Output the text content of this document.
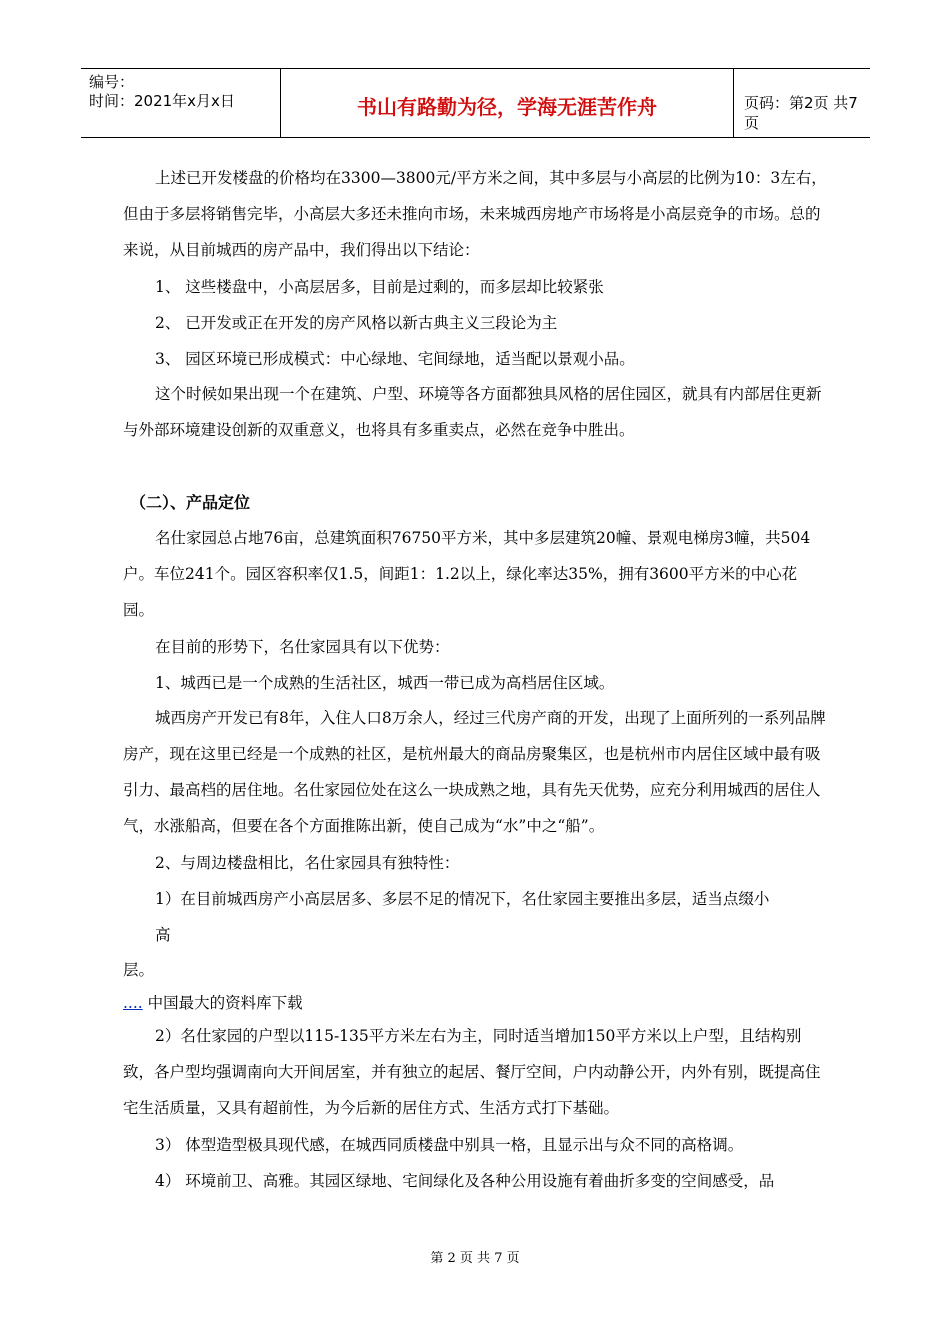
编号：
时间：2021年x月x日	书山有路勤为径，学海无涯苦作舟	页码：第2页 共7页

上述已开发楼盘的价格均在3300—3800元/平方米之间，其中多层与小高层的比例为10：3左右，但由于多层将销售完毕，小高层大多还未推向市场，未来城西房地产市场将是小高层竞争的市场。总的来说，从目前城西的房产品中，我们得出以下结论：

1、 这些楼盘中，小高层居多，目前是过剩的，而多层却比较紧张
2、 已开发或正在开发的房产风格以新古典主义三段论为主
3、 园区环境已形成模式：中心绿地、宅间绿地，适当配以景观小品。

这个时候如果出现一个在建筑、户型、环境等各方面都独具风格的居住园区，就具有内部居住更新与外部环境建设创新的双重意义，也将具有多重卖点，必然在竞争中胜出。

（二）、产品定位

名仕家园总占地76亩，总建筑面积76750平方米，其中多层建筑20幢、景观电梯房3幢，共504户。车位241个。园区容积率仅1.5，间距1：1.2以上，绿化率达35%，拥有3600平方米的中心花园。

在目前的形势下，名仕家园具有以下优势：
1、城西已是一个成熟的生活社区，城西一带已成为高档居住区域。

城西房产开发已有8年，入住人口8万余人，经过三代房产商的开发，出现了上面所列的一系列品牌房产，现在这里已经是一个成熟的社区，是杭州最大的商品房聚集区，也是杭州市内居住区域中最有吸引力、最高档的居住地。名仕家园位处在这么一块成熟之地，具有先天优势，应充分利用城西的居住人气，水涨船高，但要在各个方面推陈出新，使自己成为“水”中之“船”。

2、与周边楼盘相比，名仕家园具有独特性：
1）在目前城西房产小高层居多、多层不足的情况下，名仕家园主要推出多层，适当点缀小
高
层。
.... 中国最大的资料库下载

2）名仕家园的户型以115-135平方米左右为主，同时适当增加150平方米以上户型，且结构别致，各户型均强调南向大开间居室，并有独立的起居、餐厅空间，户内动静公开，内外有别，既提高住宅生活质量，又具有超前性，为今后新的居住方式、生活方式打下基础。

3） 体型造型极具现代感，在城西同质楼盘中别具一格，且显示出与众不同的高格调。
4） 环境前卫、高雅。其园区绿地、宅间绿化及各种公用设施有着曲折多变的空间感受，品
第 2 页 共 7 页
